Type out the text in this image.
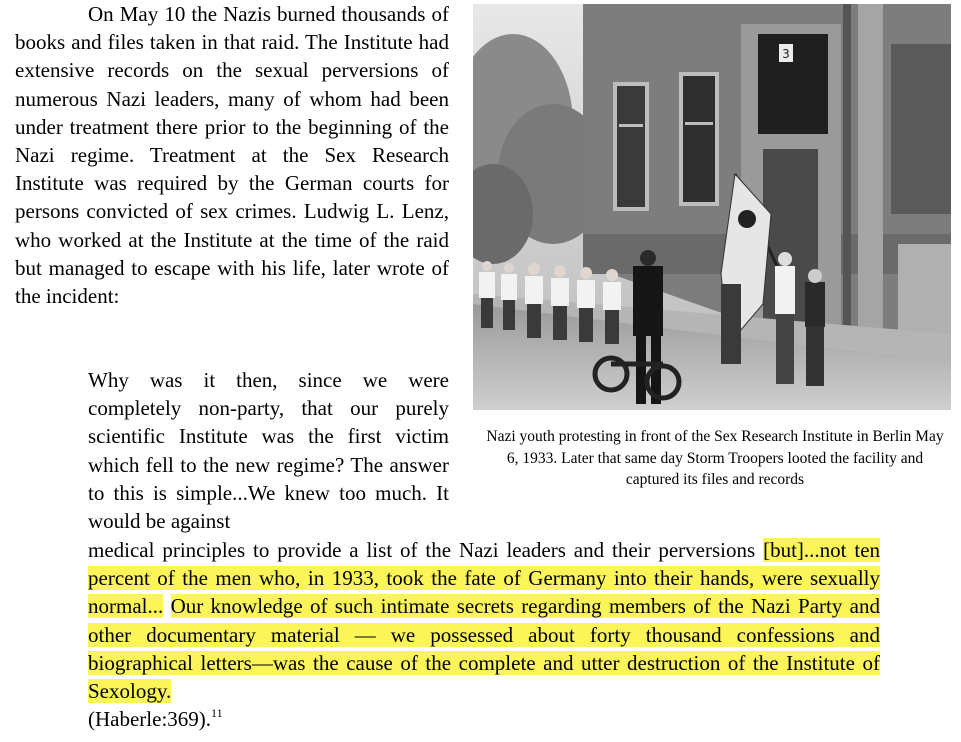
On May 10 the Nazis burned thousands of books and files taken in that raid. The Institute had extensive records on the sexual perversions of numerous Nazi leaders, many of whom had been under treatment there prior to the beginning of the Nazi regime. Treatment at the Sex Research Institute was required by the German courts for persons convicted of sex crimes. Ludwig L. Lenz, who worked at the Institute at the time of the raid but managed to escape with his life, later wrote of the incident:
Why was it then, since we were completely non-party, that our purely scientific Institute was the first victim which fell to the new regime? The answer to this is simple...We knew too much. It would be against
medical principles to provide a list of the Nazi leaders and their perversions [but]...not ten percent of the men who, in 1933, took the fate of Germany into their hands, were sexually normal... Our knowledge of such intimate secrets regarding members of the Nazi Party and other documentary material — we possessed about forty thousand confessions and biographical letters—was the cause of the complete and utter destruction of the Institute of Sexology.
(Haberle:369).$^{11}$
3
Nazi youth protesting in front of the Sex Research Institute in Berlin May 6, 1933. Later that same day Storm Troopers looted the facility and captured its files and records
